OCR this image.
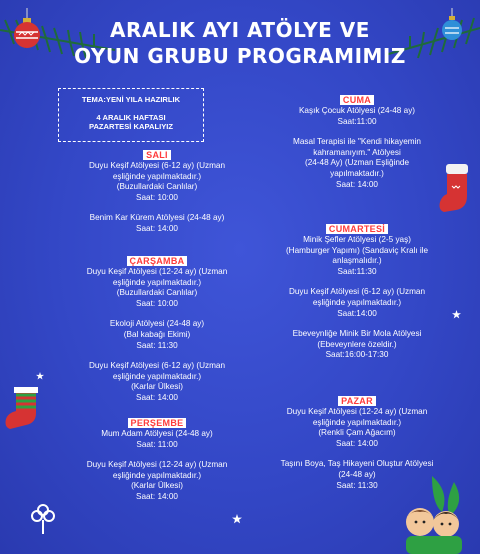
ARALIK AYI ATÖLYE VE
OYUN GRUBU PROGRAMIMIZ
TEMA:YENİ YILA HAZIRLIK
4 ARALIK HAFTASI
PAZARTESİ KAPALIYIZ
SALI
Duyu Keşif Atölyesi (6-12 ay) (Uzman
eşliğinde yapılmaktadır.)
(Buzullardaki Canlılar)
Saat: 10:00
Benim Kar Kürem Atölyesi (24-48 ay)
Saat: 14:00
ÇARŞAMBA
Duyu Keşif Atölyesi (12-24 ay) (Uzman
eşliğinde yapılmaktadır.)
(Buzullardaki Canlılar)
Saat: 10:00
Ekoloji Atölyesi (24-48 ay)
(Bal kabağı Ekimi)
Saat: 11:30
Duyu Keşif Atölyesi (6-12 ay) (Uzman
eşliğinde yapılmaktadır.)
(Karlar Ülkesi)
Saat: 14:00
PERŞEMBE
Mum Adam Atölyesi (24-48 ay)
Saat: 11:00
Duyu Keşif Atölyesi (12-24 ay) (Uzman
eşliğinde yapılmaktadır.)
(Karlar Ülkesi)
Saat: 14:00
CUMA
Kaşık Çocuk Atölyesi (24-48 ay)
Saat:11:00
Masal Terapisi ile "Kendi hikayemin
kahramanıyım." Atölyesi
(24-48 Ay) (Uzman Eşliğinde
yapılmaktadır.)
Saat: 14:00
CUMARTESİ
Minik Şefler Atölyesi (2-5 yaş)
(Hamburger Yapımı) (Sandaviç Kralı ile
anlaşmalıdır.)
Saat:11:30
Duyu Keşif Atölyesi (6-12 ay) (Uzman
eşliğinde yapılmaktadır.)
Saat:14:00
Ebeveynliğe Minik Bir Mola Atölyesi
(Ebeveynlere özeldir.)
Saat:16:00-17:30
PAZAR
Duyu Keşif Atölyesi (12-24 ay) (Uzman
eşliğinde yapılmaktadır.)
(Renkli Çam Ağacım)
Saat: 14:00
Taşını Boya, Taş Hikayeni Oluştur Atölyesi
(24-48 ay)
Saat: 11:30
